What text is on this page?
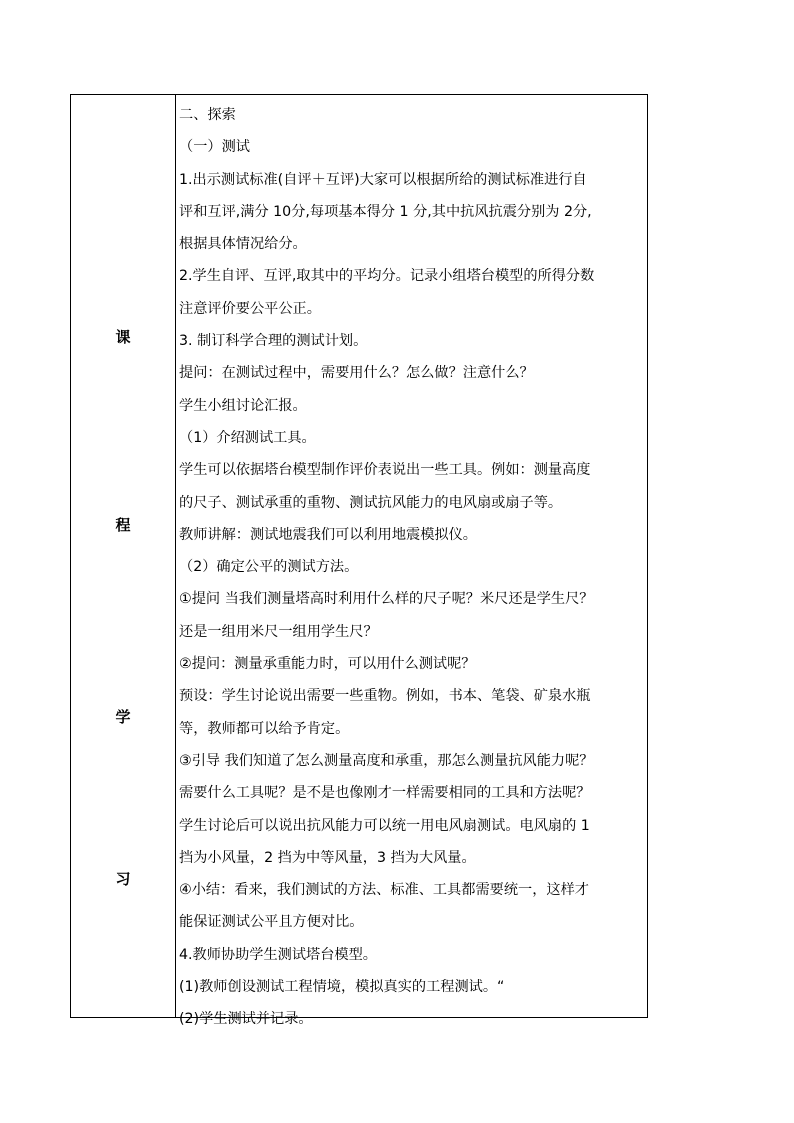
课
程
学
习
二、探索
（一）测试
1.出示测试标准(自评＋互评)大家可以根据所给的测试标准进行自
评和互评,满分 10分,每项基本得分 1 分,其中抗风抗震分别为 2分,
根据具体情况给分。
2.学生自评、互评,取其中的平均分。记录小组塔台模型的所得分数
注意评价要公平公正。
3. 制订科学合理的测试计划。
提问：在测试过程中，需要用什么？怎么做？注意什么？
学生小组讨论汇报。
（1）介绍测试工具。
学生可以依据塔台模型制作评价表说出一些工具。例如：测量高度
的尺子、测试承重的重物、测试抗风能力的电风扇或扇子等。
教师讲解：测试地震我们可以利用地震模拟仪。
（2）确定公平的测试方法。
①提问 当我们测量塔高时利用什么样的尺子呢？米尺还是学生尺？
还是一组用米尺一组用学生尺？
②提问：测量承重能力时，可以用什么测试呢？
预设：学生讨论说出需要一些重物。例如，书本、笔袋、矿泉水瓶
等，教师都可以给予肯定。
③引导 我们知道了怎么测量高度和承重，那怎么测量抗风能力呢？
需要什么工具呢？是不是也像刚才一样需要相同的工具和方法呢？
学生讨论后可以说出抗风能力可以统一用电风扇测试。电风扇的 1
挡为小风量，2 挡为中等风量，3 挡为大风量。
④小结：看来，我们测试的方法、标准、工具都需要统一，这样才
能保证测试公平且方便对比。
4.教师协助学生测试塔台模型。
(1)教师创设测试工程情境，模拟真实的工程测试。“
(2)学生测试并记录。
